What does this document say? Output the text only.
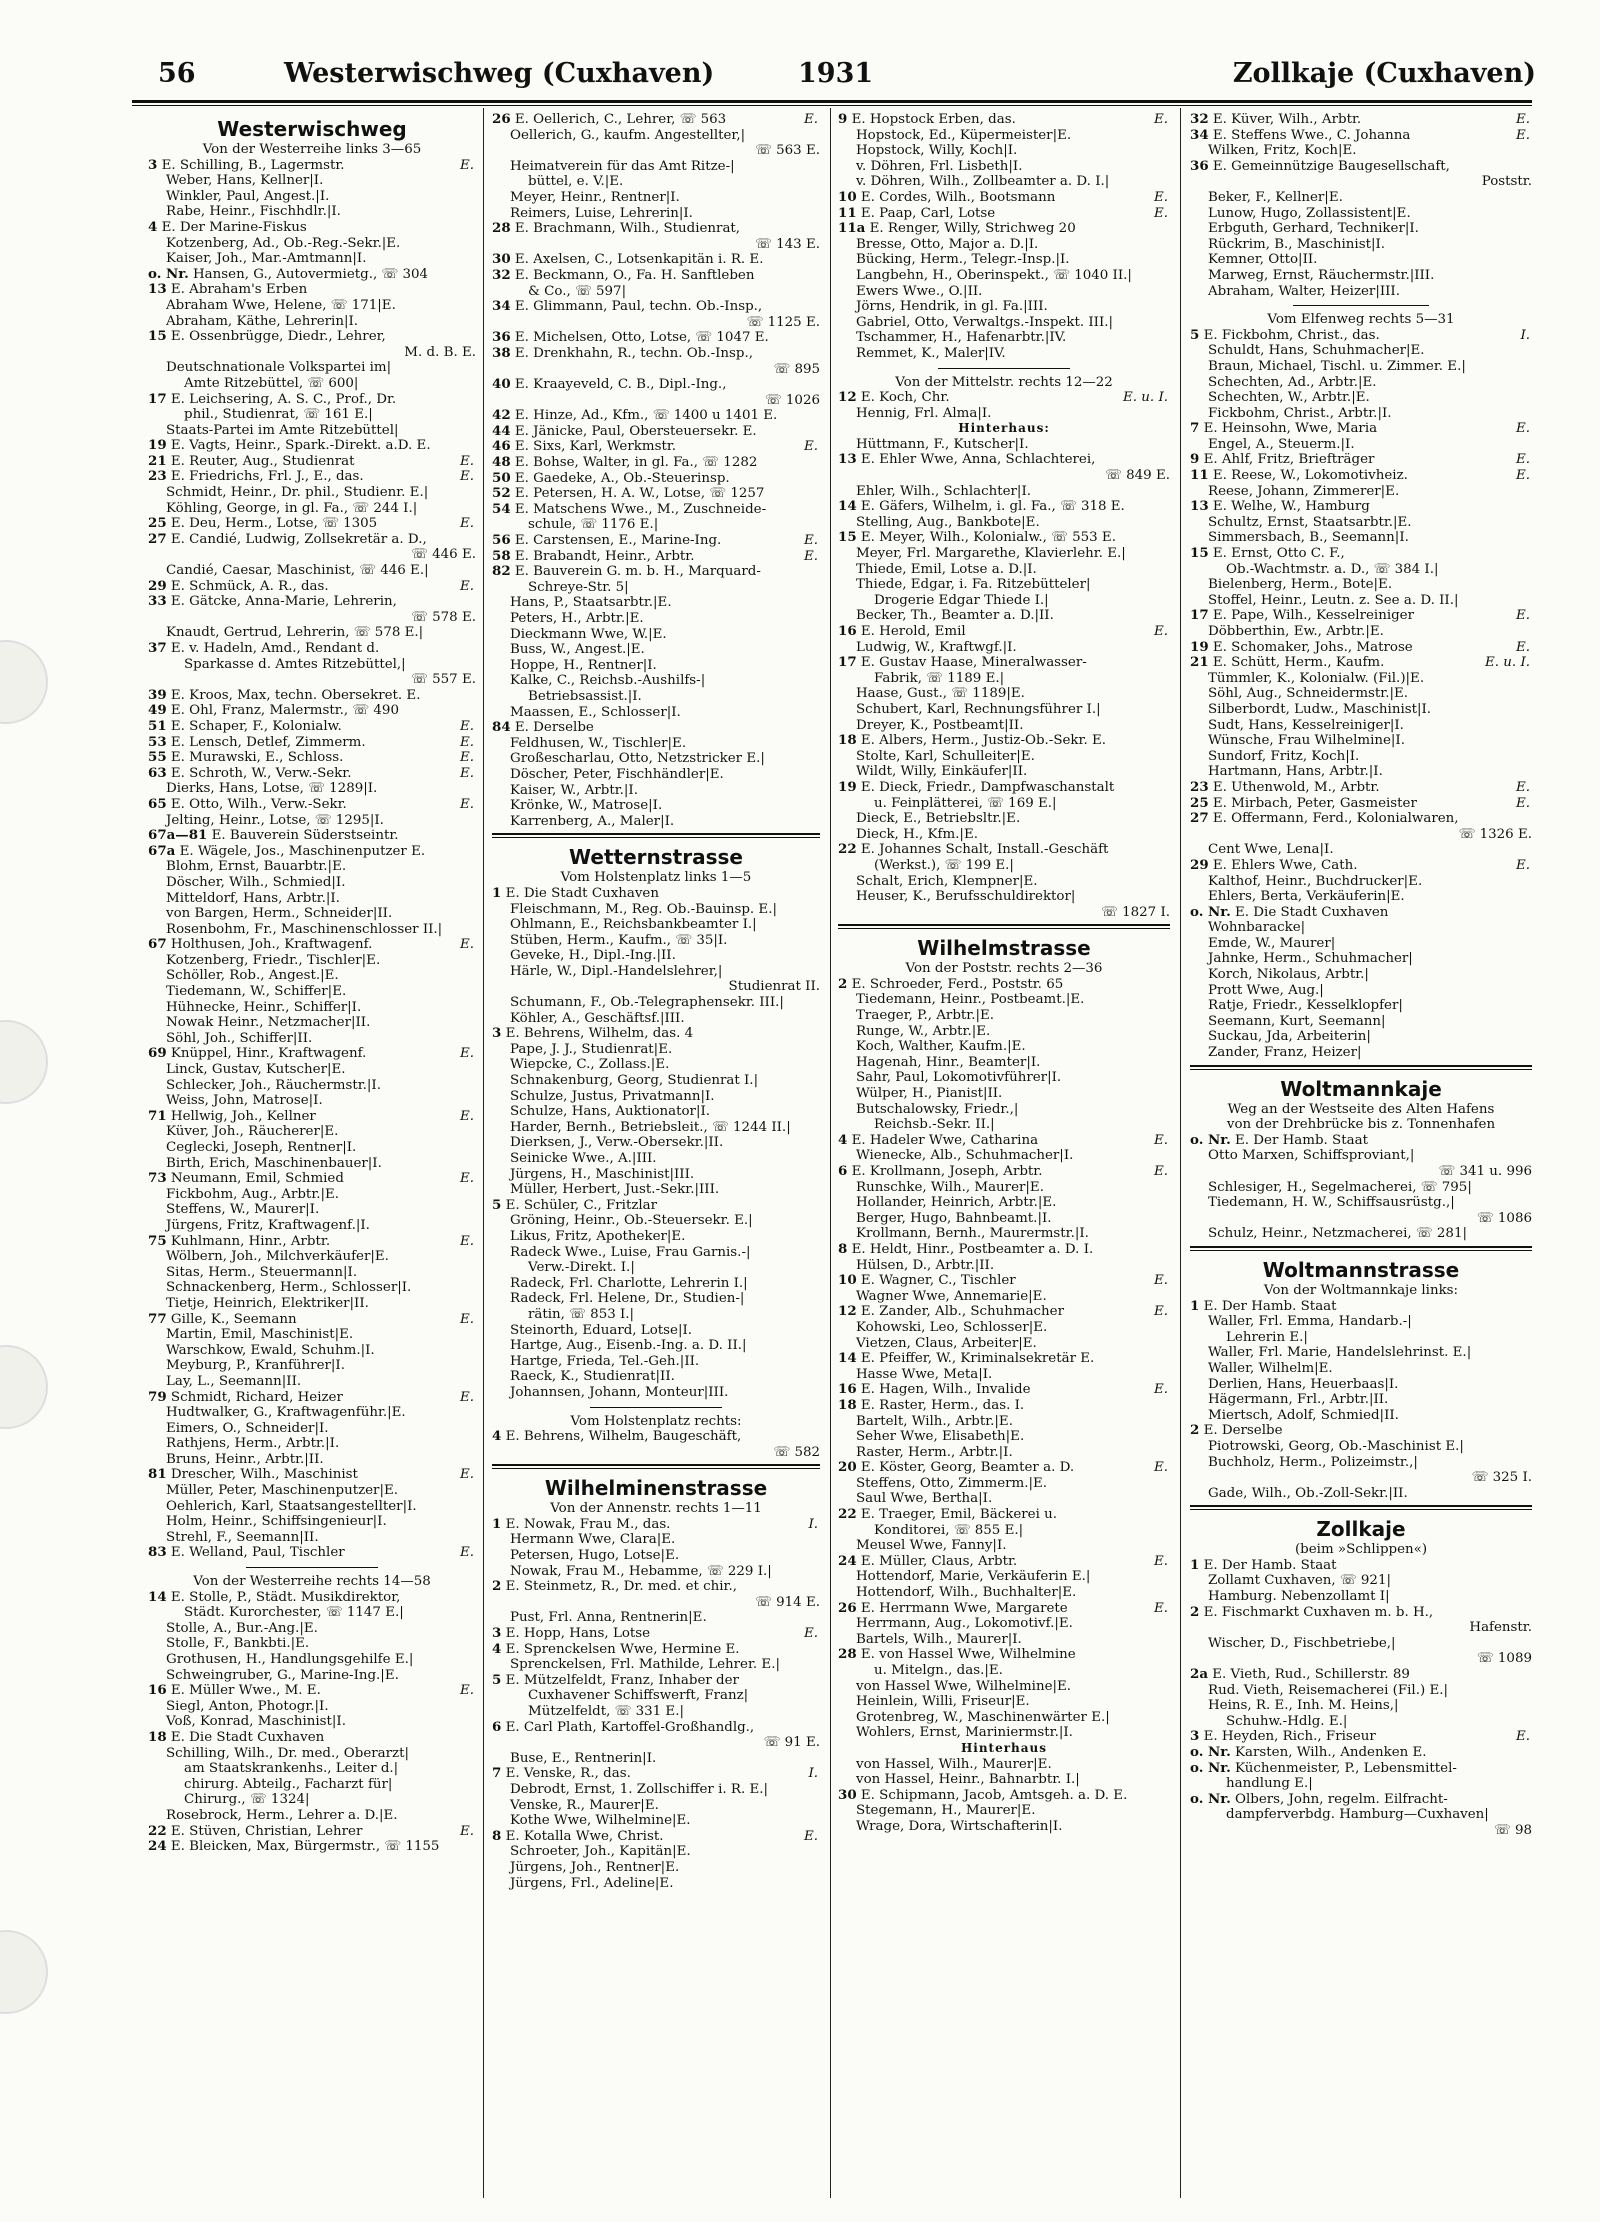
56	Westerwischweg (Cuxhaven)	1931	Zollkaje (Cuxhaven)
Westerwischweg
Von der Westerreihe links 3—65
3 E. Schilling, B., Lagermstr.	E.
Weber, Hans, Kellner|I.
Winkler, Paul, Angest.|I.
Rabe, Heinr., Fischhdlr.|I.
4 E. Der Marine-Fiskus
Kotzenberg, Ad., Ob.-Reg.-Sekr.|E.
Kaiser, Joh., Mar.-Amtmann|I.
o. Nr. Hansen, G., Autovermietg., ☏ 304
13 E. Abraham's Erben
Abraham Wwe, Helene, ☏ 171|E.
Abraham, Käthe, Lehrerin|I.
15 E. Ossenbrügge, Diedr., Lehrer,
M. d. B. E.
Deutschnationale Volkspartei im|
Amte Ritzebüttel, ☏ 600|
17 E. Leichsering, A. S. C., Prof., Dr.
phil., Studienrat, ☏ 161 E.|
Staats-Partei im Amte Ritzebüttel|
19 E. Vagts, Heinr., Spark.-Direkt. a.D. E.
21 E. Reuter, Aug., Studienrat	E.
23 E. Friedrichs, Frl. J., E., das.	E.
Schmidt, Heinr., Dr. phil., Studienr. E.|
Köhling, George, in gl. Fa., ☏ 244 I.|
25 E. Deu, Herm., Lotse, ☏ 1305	E.
27 E. Candié, Ludwig, Zollsekretär a. D.,
☏ 446 E.
Candié, Caesar, Maschinist, ☏ 446 E.|
29 E. Schmück, A. R., das.	E.
33 E. Gätcke, Anna-Marie, Lehrerin,
☏ 578 E.
Knaudt, Gertrud, Lehrerin, ☏ 578 E.|
37 E. v. Hadeln, Amd., Rendant d.
Sparkasse d. Amtes Ritzebüttel,|
☏ 557 E.
39 E. Kroos, Max, techn. Obersekret. E.
49 E. Ohl, Franz, Malermstr., ☏ 490
51 E. Schaper, F., Kolonialw.	E.
53 E. Lensch, Detlef, Zimmerm.	E.
55 E. Murawski, E., Schloss.	E.
63 E. Schroth, W., Verw.-Sekr.	E.
Dierks, Hans, Lotse, ☏ 1289|I.
65 E. Otto, Wilh., Verw.-Sekr.	E.
Jelting, Heinr., Lotse, ☏ 1295|I.
67a—81 E. Bauverein Süderstseintr.
67a E. Wägele, Jos., Maschinenputzer E.
Blohm, Ernst, Bauarbtr.|E.
Döscher, Wilh., Schmied|I.
Mitteldorf, Hans, Arbtr.|I.
von Bargen, Herm., Schneider|II.
Rosenbohm, Fr., Maschinenschlosser II.|
67 Holthusen, Joh., Kraftwagenf.	E.
Kotzenberg, Friedr., Tischler|E.
Schöller, Rob., Angest.|E.
Tiedemann, W., Schiffer|E.
Hühnecke, Heinr., Schiffer|I.
Nowak Heinr., Netzmacher|II.
Söhl, Joh., Schiffer|II.
69 Knüppel, Hinr., Kraftwagenf.	E.
Linck, Gustav, Kutscher|E.
Schlecker, Joh., Räuchermstr.|I.
Weiss, John, Matrose|I.
71 Hellwig, Joh., Kellner	E.
Küver, Joh., Räucherer|E.
Ceglecki, Joseph, Rentner|I.
Birth, Erich, Maschinenbauer|I.
73 Neumann, Emil, Schmied	E.
Fickbohm, Aug., Arbtr.|E.
Steffens, W., Maurer|I.
Jürgens, Fritz, Kraftwagenf.|I.
75 Kuhlmann, Hinr., Arbtr.	E.
Wölbern, Joh., Milchverkäufer|E.
Sitas, Herm., Steuermann|I.
Schnackenberg, Herm., Schlosser|I.
Tietje, Heinrich, Elektriker|II.
77 Gille, K., Seemann	E.
Martin, Emil, Maschinist|E.
Warschkow, Ewald, Schuhm.|I.
Meyburg, P., Kranführer|I.
Lay, L., Seemann|II.
79 Schmidt, Richard, Heizer	E.
Hudtwalker, G., Kraftwagenführ.|E.
Eimers, O., Schneider|I.
Rathjens, Herm., Arbtr.|I.
Bruns, Heinr., Arbtr.|II.
81 Drescher, Wilh., Maschinist	E.
Müller, Peter, Maschinenputzer|E.
Oehlerich, Karl, Staatsangestellter|I.
Holm, Heinr., Schiffsingenieur|I.
Strehl, F., Seemann|II.
83 E. Welland, Paul, Tischler	E.
Von der Westerreihe rechts 14—58
14 E. Stolle, P., Städt. Musikdirektor,
Städt. Kurorchester, ☏ 1147 E.|
Stolle, A., Bur.-Ang.|E.
Stolle, F., Bankbti.|E.
Grothusen, H., Handlungsgehilfe E.|
Schweingruber, G., Marine-Ing.|E.
16 E. Müller Wwe., M. E.	E.
Siegl, Anton, Photogr.|I.
Voß, Konrad, Maschinist|I.
18 E. Die Stadt Cuxhaven
Schilling, Wilh., Dr. med., Oberarzt|
am Staatskrankenhs., Leiter d.|
chirurg. Abteilg., Facharzt für|
Chirurg., ☏ 1324|
Rosebrock, Herm., Lehrer a. D.|E.
22 E. Stüven, Christian, Lehrer	E.
24 E. Bleicken, Max, Bürgermstr., ☏ 1155
26 E. Oellerich, C., Lehrer, ☏ 563	E.
Oellerich, G., kaufm. Angestellter,|
☏ 563 E.
Heimatverein für das Amt Ritze-|
büttel, e. V.|E.
Meyer, Heinr., Rentner|I.
Reimers, Luise, Lehrerin|I.
28 E. Brachmann, Wilh., Studienrat,
☏ 143 E.
30 E. Axelsen, C., Lotsenkapitän i. R. E.
32 E. Beckmann, O., Fa. H. Sanftleben
& Co., ☏ 597|
34 E. Glimmann, Paul, techn. Ob.-Insp.,
☏ 1125 E.
36 E. Michelsen, Otto, Lotse, ☏ 1047 E.
38 E. Drenkhahn, R., techn. Ob.-Insp.,
☏ 895
40 E. Kraayeveld, C. B., Dipl.-Ing.,
☏ 1026
42 E. Hinze, Ad., Kfm., ☏ 1400 u 1401 E.
44 E. Jänicke, Paul, Obersteuersekr. E.
46 E. Sixs, Karl, Werkmstr.	E.
48 E. Bohse, Walter, in gl. Fa., ☏ 1282
50 E. Gaedeke, A., Ob.-Steuerinsp.
52 E. Petersen, H. A. W., Lotse, ☏ 1257
54 E. Matschens Wwe., M., Zuschneide-
schule, ☏ 1176 E.|
56 E. Carstensen, E., Marine-Ing.	E.
58 E. Brabandt, Heinr., Arbtr.	E.
82 E. Bauverein G. m. b. H., Marquard-
Schreye-Str. 5|
Hans, P., Staatsarbtr.|E.
Peters, H., Arbtr.|E.
Dieckmann Wwe, W.|E.
Buss, W., Angest.|E.
Hoppe, H., Rentner|I.
Kalke, C., Reichsb.-Aushilfs-|
Betriebsassist.|I.
Maassen, E., Schlosser|I.
84 E. Derselbe
Feldhusen, W., Tischler|E.
Großescharlau, Otto, Netzstricker E.|
Döscher, Peter, Fischhändler|E.
Kaiser, W., Arbtr.|I.
Krönke, W., Matrose|I.
Karrenberg, A., Maler|I.
Wetternstrasse
Vom Holstenplatz links 1—5
1 E. Die Stadt Cuxhaven
Fleischmann, M., Reg. Ob.-Bauinsp. E.|
Ohlmann, E., Reichsbankbeamter I.|
Stüben, Herm., Kaufm., ☏ 35|I.
Geveke, H., Dipl.-Ing.|II.
Härle, W., Dipl.-Handelslehrer,|
Studienrat II.
Schumann, F., Ob.-Telegraphensekr. III.|
Köhler, A., Geschäftsf.|III.
3 E. Behrens, Wilhelm, das. 4
Pape, J. J., Studienrat|E.
Wiepcke, C., Zollass.|E.
Schnakenburg, Georg, Studienrat I.|
Schulze, Justus, Privatmann|I.
Schulze, Hans, Auktionator|I.
Harder, Bernh., Betriebsleit., ☏ 1244 II.|
Dierksen, J., Verw.-Obersekr.|II.
Seinicke Wwe., A.|III.
Jürgens, H., Maschinist|III.
Müller, Herbert, Just.-Sekr.|III.
5 E. Schüler, C., Fritzlar
Gröning, Heinr., Ob.-Steuersekr. E.|
Likus, Fritz, Apotheker|E.
Radeck Wwe., Luise, Frau Garnis.-|
Verw.-Direkt. I.|
Radeck, Frl. Charlotte, Lehrerin I.|
Radeck, Frl. Helene, Dr., Studien-|
rätin, ☏ 853 I.|
Steinorth, Eduard, Lotse|I.
Hartge, Aug., Eisenb.-Ing. a. D. II.|
Hartge, Frieda, Tel.-Geh.|II.
Raeck, K., Studienrat|II.
Johannsen, Johann, Monteur|III.
Vom Holstenplatz rechts:
4 E. Behrens, Wilhelm, Baugeschäft,
☏ 582
Wilhelminenstrasse
Von der Annenstr. rechts 1—11
1 E. Nowak, Frau M., das.	I.
Hermann Wwe, Clara|E.
Petersen, Hugo, Lotse|E.
Nowak, Frau M., Hebamme, ☏ 229 I.|
2 E. Steinmetz, R., Dr. med. et chir.,
☏ 914 E.
Pust, Frl. Anna, Rentnerin|E.
3 E. Hopp, Hans, Lotse	E.
4 E. Sprenckelsen Wwe, Hermine E.
Sprenckelsen, Frl. Mathilde, Lehrer. E.|
5 E. Mützelfeldt, Franz, Inhaber der
Cuxhavener Schiffswerft, Franz|
Mützelfeldt, ☏ 331 E.|
6 E. Carl Plath, Kartoffel-Großhandlg.,
☏ 91 E.
Buse, E., Rentnerin|I.
7 E. Venske, R., das.	I.
Debrodt, Ernst, 1. Zollschiffer i. R. E.|
Venske, R., Maurer|E.
Kothe Wwe, Wilhelmine|E.
8 E. Kotalla Wwe, Christ.	E.
Schroeter, Joh., Kapitän|E.
Jürgens, Joh., Rentner|E.
Jürgens, Frl., Adeline|E.
9 E. Hopstock Erben, das.	E.
Hopstock, Ed., Küpermeister|E.
Hopstock, Willy, Koch|I.
v. Döhren, Frl. Lisbeth|I.
v. Döhren, Wilh., Zollbeamter a. D. I.|
10 E. Cordes, Wilh., Bootsmann	E.
11 E. Paap, Carl, Lotse	E.
11a E. Renger, Willy, Strichweg 20
Bresse, Otto, Major a. D.|I.
Bücking, Herm., Telegr.-Insp.|I.
Langbehn, H., Oberinspekt., ☏ 1040 II.|
Ewers Wwe., O.|II.
Jörns, Hendrik, in gl. Fa.|III.
Gabriel, Otto, Verwaltgs.-Inspekt. III.|
Tschammer, H., Hafenarbtr.|IV.
Remmet, K., Maler|IV.
Von der Mittelstr. rechts 12—22
12 E. Koch, Chr.	E. u. I.
Hennig, Frl. Alma|I.
Hinterhaus:
Hüttmann, F., Kutscher|I.
13 E. Ehler Wwe, Anna, Schlachterei,
☏ 849 E.
Ehler, Wilh., Schlachter|I.
14 E. Gäfers, Wilhelm, i. gl. Fa., ☏ 318 E.
Stelling, Aug., Bankbote|E.
15 E. Meyer, Wilh., Kolonialw., ☏ 553 E.
Meyer, Frl. Margarethe, Klavierlehr. E.|
Thiede, Emil, Lotse a. D.|I.
Thiede, Edgar, i. Fa. Ritzebütteler|
Drogerie Edgar Thiede I.|
Becker, Th., Beamter a. D.|II.
16 E. Herold, Emil	E.
Ludwig, W., Kraftwgf.|I.
17 E. Gustav Haase, Mineralwasser-
Fabrik, ☏ 1189 E.|
Haase, Gust., ☏ 1189|E.
Schubert, Karl, Rechnungsführer I.|
Dreyer, K., Postbeamt|II.
18 E. Albers, Herm., Justiz-Ob.-Sekr. E.
Stolte, Karl, Schulleiter|E.
Wildt, Willy, Einkäufer|II.
19 E. Dieck, Friedr., Dampfwaschanstalt
u. Feinplätterei, ☏ 169 E.|
Dieck, E., Betriebsltr.|E.
Dieck, H., Kfm.|E.
22 E. Johannes Schalt, Install.-Geschäft
(Werkst.), ☏ 199 E.|
Schalt, Erich, Klempner|E.
Heuser, K., Berufsschuldirektor|
☏ 1827 I.
Wilhelmstrasse
Von der Poststr. rechts 2—36
2 E. Schroeder, Ferd., Poststr. 65
Tiedemann, Heinr., Postbeamt.|E.
Traeger, P., Arbtr.|E.
Runge, W., Arbtr.|E.
Koch, Walther, Kaufm.|E.
Hagenah, Hinr., Beamter|I.
Sahr, Paul, Lokomotivführer|I.
Wülper, H., Pianist|II.
Butschalowsky, Friedr.,|
Reichsb.-Sekr. II.|
4 E. Hadeler Wwe, Catharina	E.
Wienecke, Alb., Schuhmacher|I.
6 E. Krollmann, Joseph, Arbtr.	E.
Runschke, Wilh., Maurer|E.
Hollander, Heinrich, Arbtr.|E.
Berger, Hugo, Bahnbeamt.|I.
Krollmann, Bernh., Maurermstr.|I.
8 E. Heldt, Hinr., Postbeamter a. D. I.
Hülsen, D., Arbtr.|II.
10 E. Wagner, C., Tischler	E.
Wagner Wwe, Annemarie|E.
12 E. Zander, Alb., Schuhmacher	E.
Kohowski, Leo, Schlosser|E.
Vietzen, Claus, Arbeiter|E.
14 E. Pfeiffer, W., Kriminalsekretär E.
Hasse Wwe, Meta|I.
16 E. Hagen, Wilh., Invalide	E.
18 E. Raster, Herm., das. I.
Bartelt, Wilh., Arbtr.|E.
Seher Wwe, Elisabeth|E.
Raster, Herm., Arbtr.|I.
20 E. Köster, Georg, Beamter a. D.	E.
Steffens, Otto, Zimmerm.|E.
Saul Wwe, Bertha|I.
22 E. Traeger, Emil, Bäckerei u.
Konditorei, ☏ 855 E.|
Meusel Wwe, Fanny|I.
24 E. Müller, Claus, Arbtr.	E.
Hottendorf, Marie, Verkäuferin E.|
Hottendorf, Wilh., Buchhalter|E.
26 E. Herrmann Wwe, Margarete	E.
Herrmann, Aug., Lokomotivf.|E.
Bartels, Wilh., Maurer|I.
28 E. von Hassel Wwe, Wilhelmine
u. Mitelgn., das.|E.
von Hassel Wwe, Wilhelmine|E.
Heinlein, Willi, Friseur|E.
Grotenbreg, W., Maschinenwärter E.|
Wohlers, Ernst, Mariniermstr.|I.
Hinterhaus
von Hassel, Wilh., Maurer|E.
von Hassel, Heinr., Bahnarbtr. I.|
30 E. Schipmann, Jacob, Amtsgeh. a. D. E.
Stegemann, H., Maurer|E.
Wrage, Dora, Wirtschafterin|I.
32 E. Küver, Wilh., Arbtr.	E.
34 E. Steffens Wwe., C. Johanna	E.
Wilken, Fritz, Koch|E.
36 E. Gemeinnützige Baugesellschaft,
Poststr.
Beker, F., Kellner|E.
Lunow, Hugo, Zollassistent|E.
Erbguth, Gerhard, Techniker|I.
Rückrim, B., Maschinist|I.
Kemner, Otto|II.
Marweg, Ernst, Räuchermstr.|III.
Abraham, Walter, Heizer|III.
Vom Elfenweg rechts 5—31
5 E. Fickbohm, Christ., das.	I.
Schuldt, Hans, Schuhmacher|E.
Braun, Michael, Tischl. u. Zimmer. E.|
Schechten, Ad., Arbtr.|E.
Schechten, W., Arbtr.|E.
Fickbohm, Christ., Arbtr.|I.
7 E. Heinsohn, Wwe, Maria	E.
Engel, A., Steuerm.|I.
9 E. Ahlf, Fritz, Briefträger	E.
11 E. Reese, W., Lokomotivheiz.	E.
Reese, Johann, Zimmerer|E.
13 E. Welhe, W., Hamburg
Schultz, Ernst, Staatsarbtr.|E.
Simmersbach, B., Seemann|I.
15 E. Ernst, Otto C. F.,
Ob.-Wachtmstr. a. D., ☏ 384 I.|
Bielenberg, Herm., Bote|E.
Stoffel, Heinr., Leutn. z. See a. D. II.|
17 E. Pape, Wilh., Kesselreiniger	E.
Döbberthin, Ew., Arbtr.|E.
19 E. Schomaker, Johs., Matrose	E.
21 E. Schütt, Herm., Kaufm.	E. u. I.
Tümmler, K., Kolonialw. (Fil.)|E.
Söhl, Aug., Schneidermstr.|E.
Silberbordt, Ludw., Maschinist|I.
Sudt, Hans, Kesselreiniger|I.
Wünsche, Frau Wilhelmine|I.
Sundorf, Fritz, Koch|I.
Hartmann, Hans, Arbtr.|I.
23 E. Uthenwold, M., Arbtr.	E.
25 E. Mirbach, Peter, Gasmeister	E.
27 E. Offermann, Ferd., Kolonialwaren,
☏ 1326 E.
Cent Wwe, Lena|I.
29 E. Ehlers Wwe, Cath.	E.
Kalthof, Heinr., Buchdrucker|E.
Ehlers, Berta, Verkäuferin|E.
o. Nr. E. Die Stadt Cuxhaven
Wohnbaracke|
Emde, W., Maurer|
Jahnke, Herm., Schuhmacher|
Korch, Nikolaus, Arbtr.|
Prott Wwe, Aug.|
Ratje, Friedr., Kesselklopfer|
Seemann, Kurt, Seemann|
Suckau, Jda, Arbeiterin|
Zander, Franz, Heizer|
Woltmannkaje
Weg an der Westseite des Alten Hafens
von der Drehbrücke bis z. Tonnenhafen
o. Nr. E. Der Hamb. Staat
Otto Marxen, Schiffsproviant,|
☏ 341 u. 996
Schlesiger, H., Segelmacherei, ☏ 795|
Tiedemann, H. W., Schiffsausrüstg.,|
☏ 1086
Schulz, Heinr., Netzmacherei, ☏ 281|
Woltmannstrasse
Von der Woltmannkaje links:
1 E. Der Hamb. Staat
Waller, Frl. Emma, Handarb.-|
Lehrerin E.|
Waller, Frl. Marie, Handelslehrinst. E.|
Waller, Wilhelm|E.
Derlien, Hans, Heuerbaas|I.
Hägermann, Frl., Arbtr.|II.
Miertsch, Adolf, Schmied|II.
2 E. Derselbe
Piotrowski, Georg, Ob.-Maschinist E.|
Buchholz, Herm., Polizeimstr.,|
☏ 325 I.
Gade, Wilh., Ob.-Zoll-Sekr.|II.
Zollkaje
(beim »Schlippen«)
1 E. Der Hamb. Staat
Zollamt Cuxhaven, ☏ 921|
Hamburg. Nebenzollamt I|
2 E. Fischmarkt Cuxhaven m. b. H.,
Hafenstr.
Wischer, D., Fischbetriebe,|
☏ 1089
2a E. Vieth, Rud., Schillerstr. 89
Rud. Vieth, Reisemacherei (Fil.) E.|
Heins, R. E., Inh. M. Heins,|
Schuhw.-Hdlg. E.|
3 E. Heyden, Rich., Friseur	E.
o. Nr. Karsten, Wilh., Andenken E.
o. Nr. Küchenmeister, P., Lebensmittel-
handlung E.|
o. Nr. Olbers, John, regelm. Eilfracht-
dampferverbdg. Hamburg—Cuxhaven|
☏ 98
